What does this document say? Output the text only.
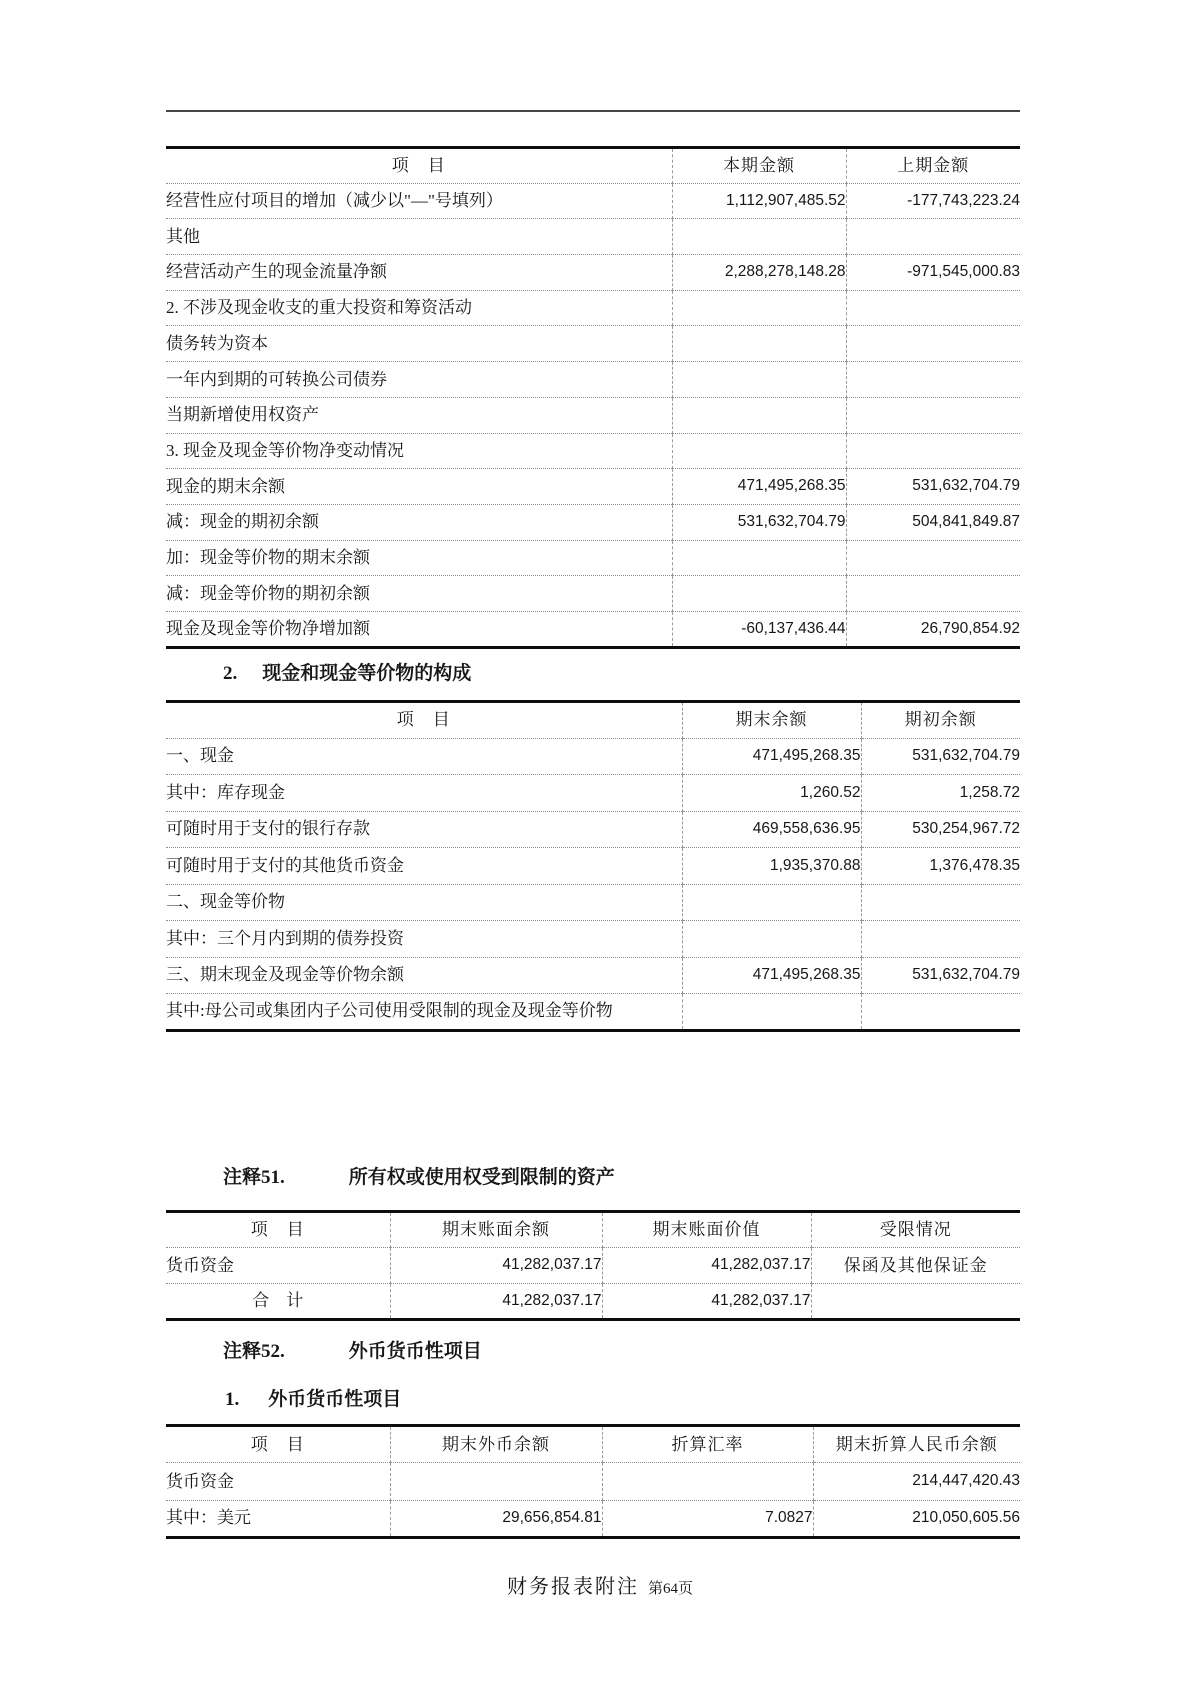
项　目	本期金额	上期金额
经营性应付项目的增加（减少以"—"号填列）	1,112,907,485.52	-177,743,223.24
其他		
经营活动产生的现金流量净额	2,288,278,148.28	-971,545,000.83
2. 不涉及现金收支的重大投资和筹资活动		
债务转为资本		
一年内到期的可转换公司债券		
当期新增使用权资产		
3. 现金及现金等价物净变动情况		
现金的期末余额	471,495,268.35	531,632,704.79
减：现金的期初余额	531,632,704.79	504,841,849.87
加：现金等价物的期末余额		
减：现金等价物的期初余额		
现金及现金等价物净增加额	-60,137,436.44	26,790,854.92
2. 现金和现金等价物的构成
项　目	期末余额	期初余额
一、现金	471,495,268.35	531,632,704.79
其中：库存现金	1,260.52	1,258.72
可随时用于支付的银行存款	469,558,636.95	530,254,967.72
可随时用于支付的其他货币资金	1,935,370.88	1,376,478.35
二、现金等价物		
其中：三个月内到期的债券投资		
三、期末现金及现金等价物余额	471,495,268.35	531,632,704.79
其中:母公司或集团内子公司使用受限制的现金及现金等价物		
注释51.	所有权或使用权受到限制的资产
项　目	期末账面余额	期末账面价值	受限情况
货币资金	41,282,037.17	41,282,037.17	保函及其他保证金
合　计	41,282,037.17	41,282,037.17	
注释52.	外币货币性项目
1. 外币货币性项目
项　目	期末外币余额	折算汇率	期末折算人民币余额
货币资金			214,447,420.43
其中：美元	29,656,854.81	7.0827	210,050,605.56
财务报表附注 第64页
